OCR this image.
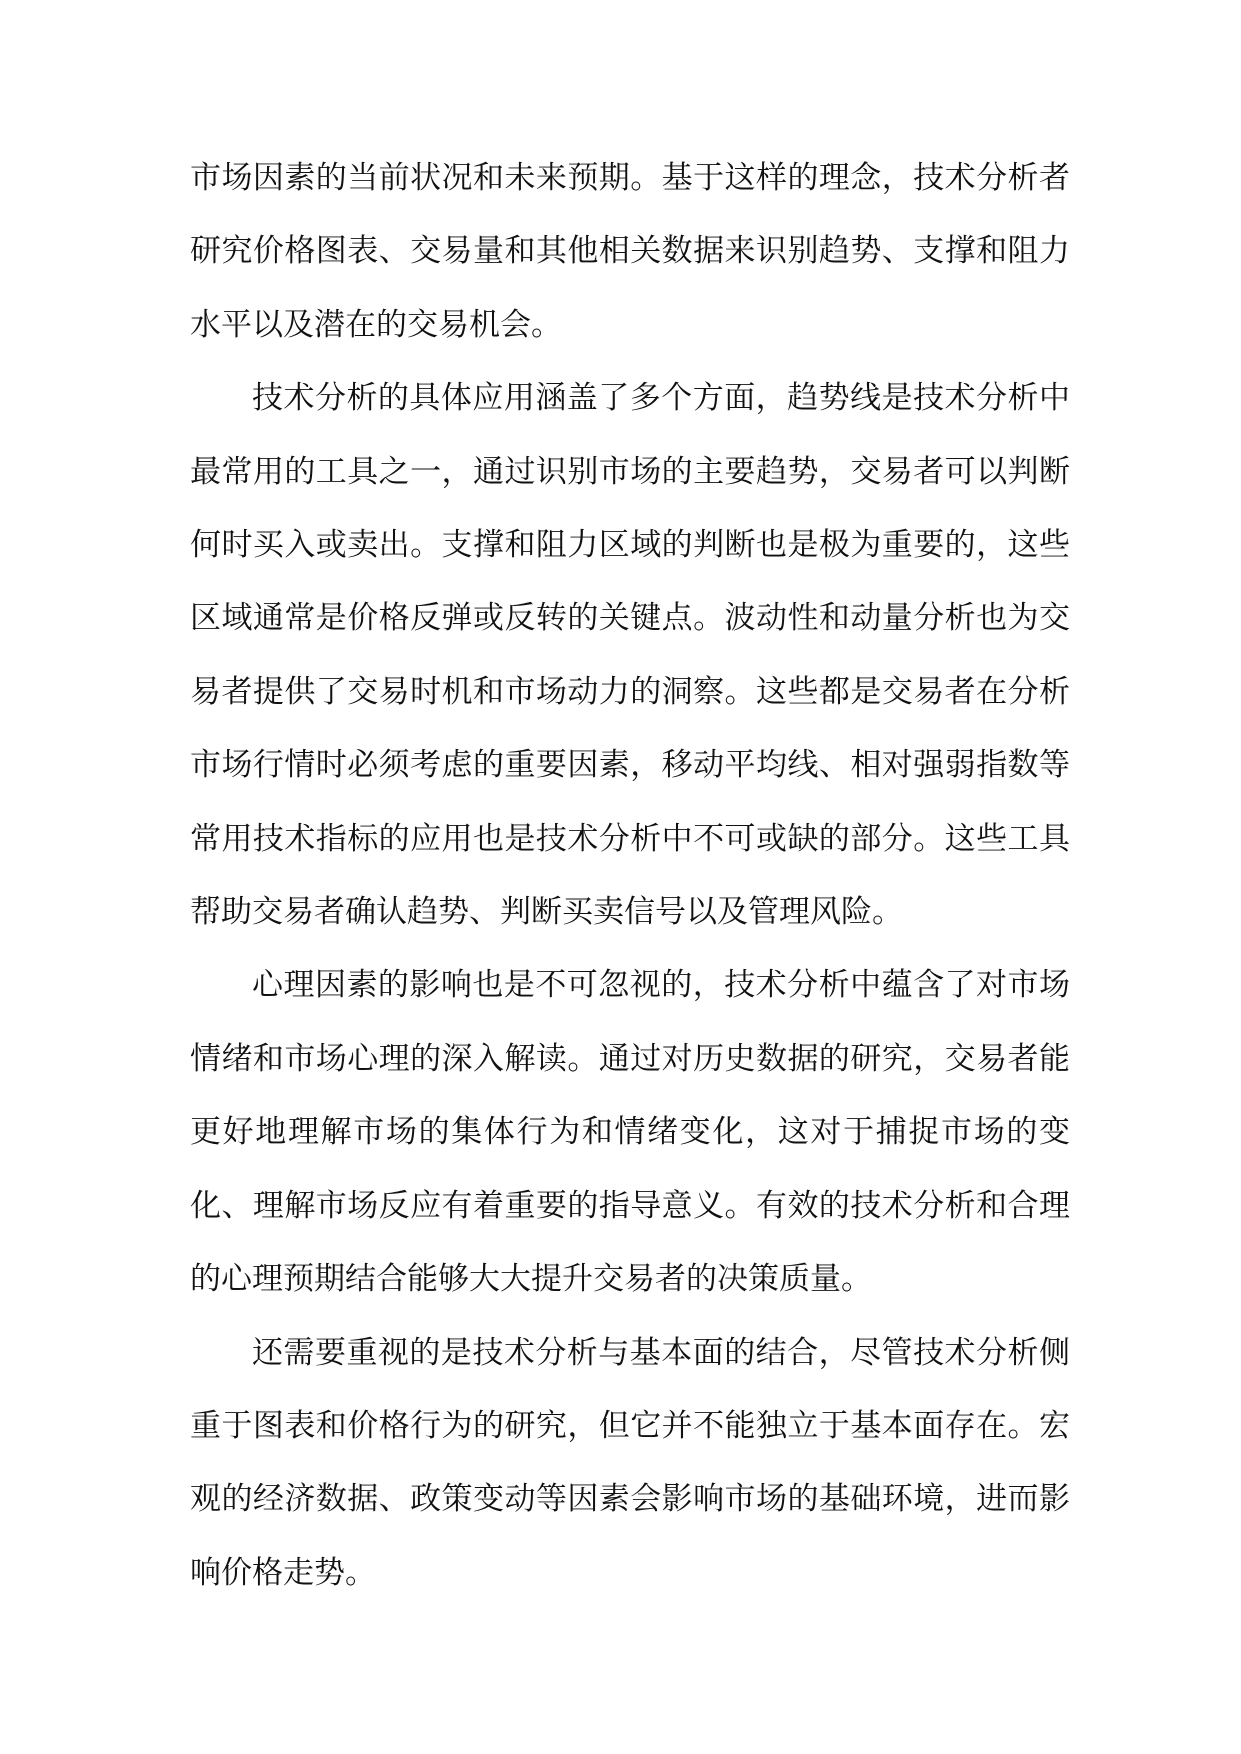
市场因素的当前状况和未来预期。基于这样的理念，技术分析者研究价格图表、交易量和其他相关数据来识别趋势、支撑和阻力水平以及潜在的交易机会。

技术分析的具体应用涵盖了多个方面，趋势线是技术分析中最常用的工具之一，通过识别市场的主要趋势，交易者可以判断何时买入或卖出。支撑和阻力区域的判断也是极为重要的，这些区域通常是价格反弹或反转的关键点。波动性和动量分析也为交易者提供了交易时机和市场动力的洞察。这些都是交易者在分析市场行情时必须考虑的重要因素，移动平均线、相对强弱指数等常用技术指标的应用也是技术分析中不可或缺的部分。这些工具帮助交易者确认趋势、判断买卖信号以及管理风险。

心理因素的影响也是不可忽视的，技术分析中蕴含了对市场情绪和市场心理的深入解读。通过对历史数据的研究，交易者能更好地理解市场的集体行为和情绪变化，这对于捕捉市场的变化、理解市场反应有着重要的指导意义。有效的技术分析和合理的心理预期结合能够大大提升交易者的决策质量。

还需要重视的是技术分析与基本面的结合，尽管技术分析侧重于图表和价格行为的研究，但它并不能独立于基本面存在。宏观的经济数据、政策变动等因素会影响市场的基础环境，进而影响价格走势。
